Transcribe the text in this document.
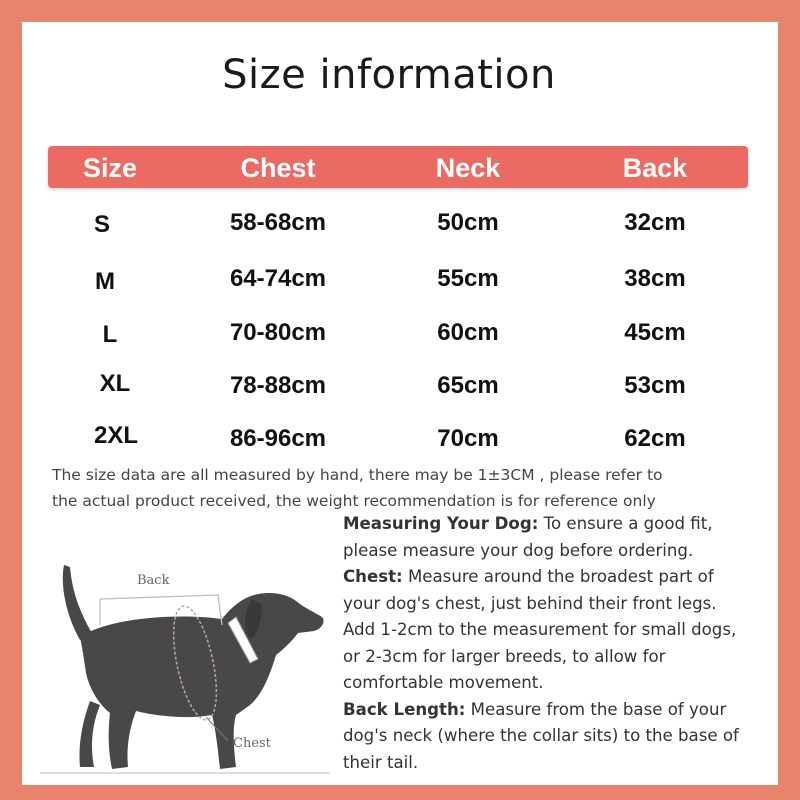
Size information
Size	Chest	Neck	Back
S	58-68cm	50cm	32cm
M	64-74cm	55cm	38cm
L	70-80cm	60cm	45cm
XL	78-88cm	65cm	53cm
2XL	86-96cm	70cm	62cm
The size data are all measured by hand, there may be 1±3CM , please refer to
the actual product received, the weight recommendation is for reference only
Back
Chest
Measuring Your Dog: To ensure a good fit,
please measure your dog before ordering.
Chest: Measure around the broadest part of
your dog's chest, just behind their front legs.
Add 1-2cm to the measurement for small dogs,
or 2-3cm for larger breeds, to allow for
comfortable movement.
Back Length: Measure from the base of your
dog's neck (where the collar sits) to the base of
their tail.
